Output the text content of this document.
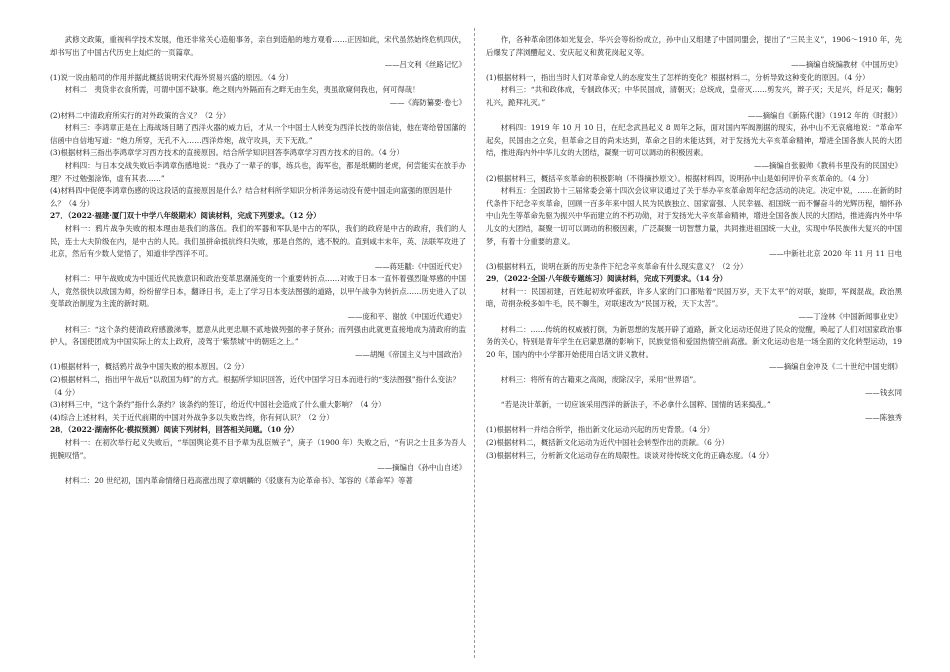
武修文政策，重视科学技术发展，他还非常关心造船事务，亲自到造船的地方观看……正因如此，宋代虽然始终危机四伏，却书写出了中国古代历史上灿烂的一页篇章。

——吕文利《丝路记忆》

(1)说一说由船司的作用并据此概括说明宋代海外贸易兴盛的原因。（4 分）

材料二　夷货非衣食所需，可谓中国不缺事。绝之则内外隔而有之畔无由生矣，夷虽欲窥伺我也，何可得哉！

——《海防纂要·卷七》

(2)材料二中清政府所实行的对外政策的含义？（2 分）

材料三：李鸿章正是在上海战场目睹了西洋火器的威力后，才从一个中国士人转变为西洋长技的崇信徒，他在寄给曾国藩的信函中自信地写道：“炮力所穿，无孔不入……西洋炸炮，战守攻具，天下无敌。”

(3)根据材料三指出李鸿章学习西方技术的直接原因。结合所学知识回答李鸿章学习西方技术的目的。（4 分）

材料四：与日本交战失败后李鸿章伤感地说：“我办了一辈子的事，练兵也，海军也，都是纸糊的老虎，何尝能实在放手办理？不过勉强涂饰，虚有其表……”

(4)材料四中促使李鸿章伤感的说这段话的直接原因是什么？结合材料所学知识分析洋务运动没有使中国走向富强的原因是什么？（4 分）

27．（2022·福建·厦门双十中学八年级期末）阅读材料，完成下列要求。（12 分）

材料一：鸦片战争失败的根本理由是我们的落伍。我们的军器和军队是中古的军队，我们的政府是中古的政府，我们的人民，连士大夫阶级在内，是中古的人民。我们虽拼命抵抗终归失败，那是自然的，逃不脱的。直到咸丰末年，英、法联军攻进了北京，然后有少数人觉悟了，知道非学西洋不可。

——蒋廷黻:《中国近代史》

材料二：甲午战败成为中国近代民族意识和政治变革思潮涌变的一个重要转折点……对败于日本一直怀着强烈耻辱感的中国人，竟然很快以敌国为师，纷纷留学日本，翻译日书，走上了学习日本变法图强的道路，以甲午战争为转折点……历史进入了以变革政治制度为主流的新时期。

——庞和平、谢放《中国近代通史》

材料三：“这个条约使清政府感激涕零，愿意从此更忠顺不贰地做列强的孝子贤孙；而列强由此就更直接地成为清政府的监护人，各国使团成为中国实际上的太上政府，凌驾于‘紫禁城’中的朝廷之上。”

——胡绳《帝国主义与中国政治》

(1)根据材料一，概括鸦片战争中国失败的根本原因。（2 分）

(2)根据材料二，指出甲午战后“以敌国为师”的方式。根据所学知识回答，近代中国学习日本而进行的“变法图强”指什么变法？（4 分）

(3)材料三中，“这个条约”指什么条约？该条约的签订，给近代中国社会造成了什么重大影响？（4 分）

(4)综合上述材料，关于近代前期的中国对外战争多以失败告终，你有何认识？（2 分）

28．（2022·湖南怀化·模拟预测）阅读下列材料，回答相关问题。（10 分）

材料一：在初次举行起义失败后，“举国舆论莫不目予辈为乱臣贼子”，庚子（1900 年）失败之后，“有识之士且多为吾人扼腕叹惜”。

——摘编自《孙中山自述》

材料二：20 世纪初，国内革命情绪日趋高涨出现了章炳麟的《驳康有为论革命书》、邹容的《革命军》等著

作，各种革命团体如光复会、华兴会等纷纷成立，孙中山又组建了中国同盟会，提出了“三民主义”，1906～1910 年，先后爆发了萍浏醴起义、安庆起义和黄花岗起义等。

——摘编自统编教材《中国历史》

(1)根据材料一，指出当时人们对革命党人的态度发生了怎样的变化？根据材料二，分析导致这种变化的原因。（4 分）

材料三：“共和政体成，专制政体灭；中华民国成，清朝灭；总统成，皇帝灭……剪发兴，辫子灭；天足兴，纤足灭；鞠躬礼兴，跪拜礼灭。”

——摘编自《新陈代谢》（1912 年的《时报》）

材料四：1919 年 10 月 10 日，在纪念武昌起义 8 周年之际，面对国内军阀割据的现实，孙中山不无哀痛地说：“革命军起矣，民国由之立矣，但革命之目的尚未达到，革命之目的未能达到，对于发扬光大辛亥革命精神，增进全国各族人民的大团结，推进海内外中华儿女的大团结，凝聚一切可以调动的积极因素。

——摘编自张毅帅《教科书里没有的民国史》

(2)根据材料三，概括辛亥革命的积极影响（不得摘抄原文）。根据材料四，说明孙中山是如何评价辛亥革命的。（4 分）

材料五：全国政协十三届常委会第十四次会议审议通过了关于举办辛亥革命周年纪念活动的决定。决定中说，……在新的时代条件下纪念辛亥革命，回顾一百多年来中国人民为民族独立、国家富强、人民幸福、祖国统一而不懈奋斗的光辉历程，缅怀孙中山先生等革命先驱为振兴中华而建立的不朽功勋，对于发扬光大辛亥革命精神，增进全国各族人民的大团结，推进海内外中华儿女的大团结，凝聚一切可以调动的积极因素，广泛凝聚一切智慧力量，共同推进祖国统一大业，实现中华民族伟大复兴的中国梦，有着十分重要的意义。

——中新社北京 2020 年 11 月 11 日电

(3)根据材料五，说明在新的历史条件下纪念辛亥革命有什么现实意义？（2 分）

29．（2022·全国·八年级专题练习）阅读材料，完成下列要求。（14 分）

材料一：民国初建，百姓起初欢呼雀跃，许多人家的门口都贴着“民国万岁，天下太平”的对联，旋即，军阀混战，政治黑暗，苛捐杂税多如牛毛，民不聊生，对联速改为“民国万税，天下太苦”。

——丁淦林《中国新闻事业史》

材料二：……传统的权威被打倒，为新思想的发展开辟了道路，新文化运动还促进了民众的觉醒，唤起了人们对国家政治事务的关心，特别是青年学生在启蒙思潮的影响下，民族觉悟和爱国热情空前高涨。新文化运动也是一场全面的文化转型运动，1920 年，国内的中小学都开始使用白话文讲义教材。

——摘编自金冲及《二十世纪中国史纲》

材料三：将所有的古籍束之高阁，废除汉字，采用“世界语”。

——钱玄同

“若是决计革新，一切应该采用西洋的新法子，不必拿什么国粹、国情的话来捣乱。”

——陈独秀

(1)根据材料一并结合所学，指出新文化运动兴起的历史背景。（4 分）

(2)根据材料二，概括新文化运动为近代中国社会转型作出的贡献。（6 分）

(3)根据材料三，分析新文化运动存在的局限性。谈谈对待传统文化的正确态度。（4 分）
